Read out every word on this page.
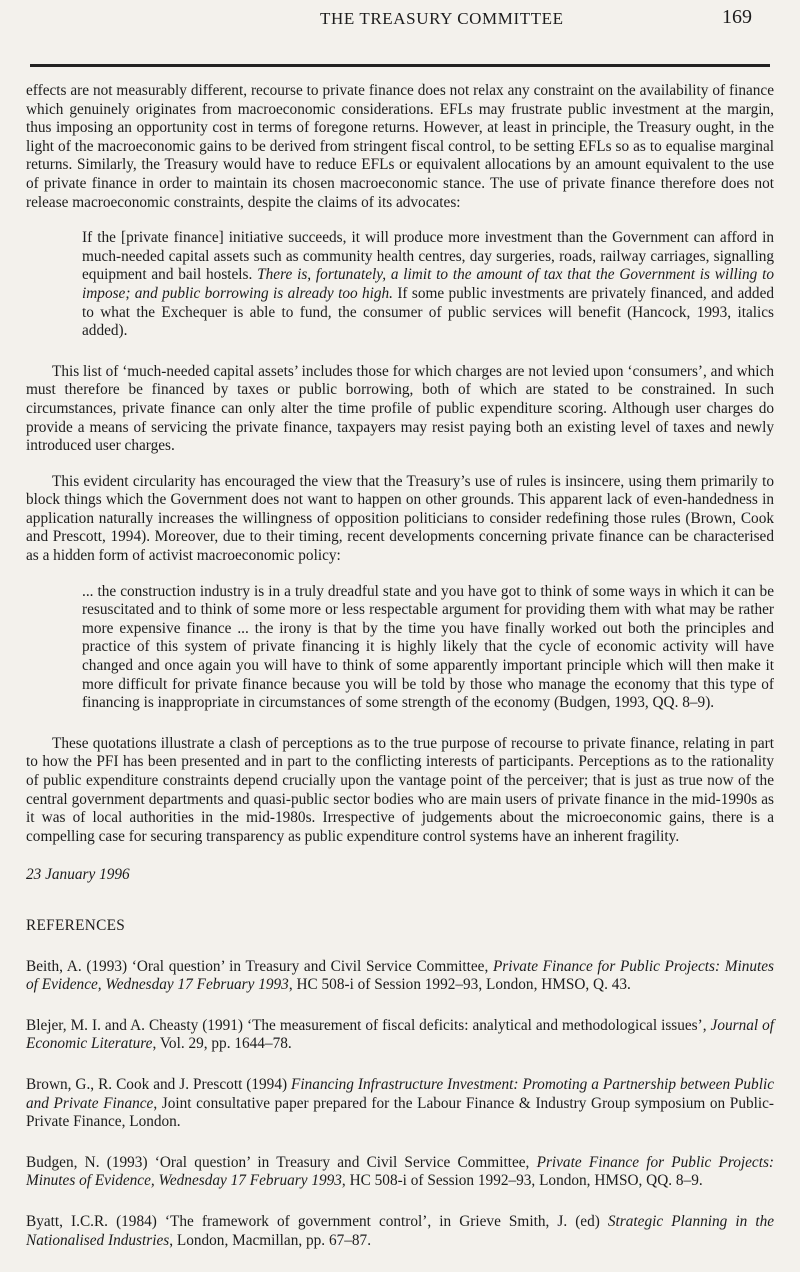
THE TREASURY COMMITTEE	169

effects are not measurably different, recourse to private finance does not relax any constraint on the availability of finance which genuinely originates from macroeconomic considerations. EFLs may frustrate public investment at the margin, thus imposing an opportunity cost in terms of foregone returns. However, at least in principle, the Treasury ought, in the light of the macroeconomic gains to be derived from stringent fiscal control, to be setting EFLs so as to equalise marginal returns. Similarly, the Treasury would have to reduce EFLs or equivalent allocations by an amount equivalent to the use of private finance in order to maintain its chosen macroeconomic stance. The use of private finance therefore does not release macroeconomic constraints, despite the claims of its advocates:

If the [private finance] initiative succeeds, it will produce more investment than the Government can afford in much-needed capital assets such as community health centres, day surgeries, roads, railway carriages, signalling equipment and bail hostels. There is, fortunately, a limit to the amount of tax that the Government is willing to impose; and public borrowing is already too high. If some public investments are privately financed, and added to what the Exchequer is able to fund, the consumer of public services will benefit (Hancock, 1993, italics added).

This list of ‘much-needed capital assets’ includes those for which charges are not levied upon ‘consumers’, and which must therefore be financed by taxes or public borrowing, both of which are stated to be constrained. In such circumstances, private finance can only alter the time profile of public expenditure scoring. Although user charges do provide a means of servicing the private finance, taxpayers may resist paying both an existing level of taxes and newly introduced user charges.

This evident circularity has encouraged the view that the Treasury’s use of rules is insincere, using them primarily to block things which the Government does not want to happen on other grounds. This apparent lack of even-handedness in application naturally increases the willingness of opposition politicians to consider redefining those rules (Brown, Cook and Prescott, 1994). Moreover, due to their timing, recent developments concerning private finance can be characterised as a hidden form of activist macroeconomic policy:

... the construction industry is in a truly dreadful state and you have got to think of some ways in which it can be resuscitated and to think of some more or less respectable argument for providing them with what may be rather more expensive finance ... the irony is that by the time you have finally worked out both the principles and practice of this system of private financing it is highly likely that the cycle of economic activity will have changed and once again you will have to think of some apparently important principle which will then make it more difficult for private finance because you will be told by those who manage the economy that this type of financing is inappropriate in circumstances of some strength of the economy (Budgen, 1993, QQ. 8–9).

These quotations illustrate a clash of perceptions as to the true purpose of recourse to private finance, relating in part to how the PFI has been presented and in part to the conflicting interests of participants. Perceptions as to the rationality of public expenditure constraints depend crucially upon the vantage point of the perceiver; that is just as true now of the central government departments and quasi-public sector bodies who are main users of private finance in the mid-1990s as it was of local authorities in the mid-1980s. Irrespective of judgements about the microeconomic gains, there is a compelling case for securing transparency as public expenditure control systems have an inherent fragility.

23 January 1996

REFERENCES

Beith, A. (1993) ‘Oral question’ in Treasury and Civil Service Committee, Private Finance for Public Projects: Minutes of Evidence, Wednesday 17 February 1993, HC 508-i of Session 1992–93, London, HMSO, Q. 43.

Blejer, M. I. and A. Cheasty (1991) ‘The measurement of fiscal deficits: analytical and methodological issues’, Journal of Economic Literature, Vol. 29, pp. 1644–78.

Brown, G., R. Cook and J. Prescott (1994) Financing Infrastructure Investment: Promoting a Partnership between Public and Private Finance, Joint consultative paper prepared for the Labour Finance & Industry Group symposium on Public-Private Finance, London.

Budgen, N. (1993) ‘Oral question’ in Treasury and Civil Service Committee, Private Finance for Public Projects: Minutes of Evidence, Wednesday 17 February 1993, HC 508-i of Session 1992–93, London, HMSO, QQ. 8–9.

Byatt, I.C.R. (1984) ‘The framework of government control’, in Grieve Smith, J. (ed) Strategic Planning in the Nationalised Industries, London, Macmillan, pp. 67–87.
